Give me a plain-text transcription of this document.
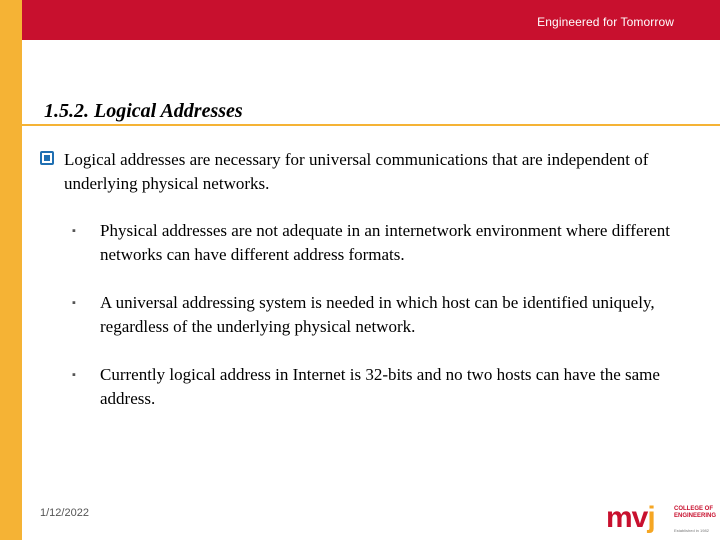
Engineered for Tomorrow
1.5.2. Logical Addresses
Logical addresses are necessary for universal communications that are independent of underlying physical networks.
▪ Physical addresses are not adequate in an internetwork environment where different networks can have different address formats.
▪ A universal addressing system is needed in which host can be identified uniquely, regardless of the underlying physical network.
▪ Currently logical address in Internet is 32-bits and no two hosts can have the same address.
1/12/2022	mvj	COLLEGE OF
ENGINEERING
Established in 1982
